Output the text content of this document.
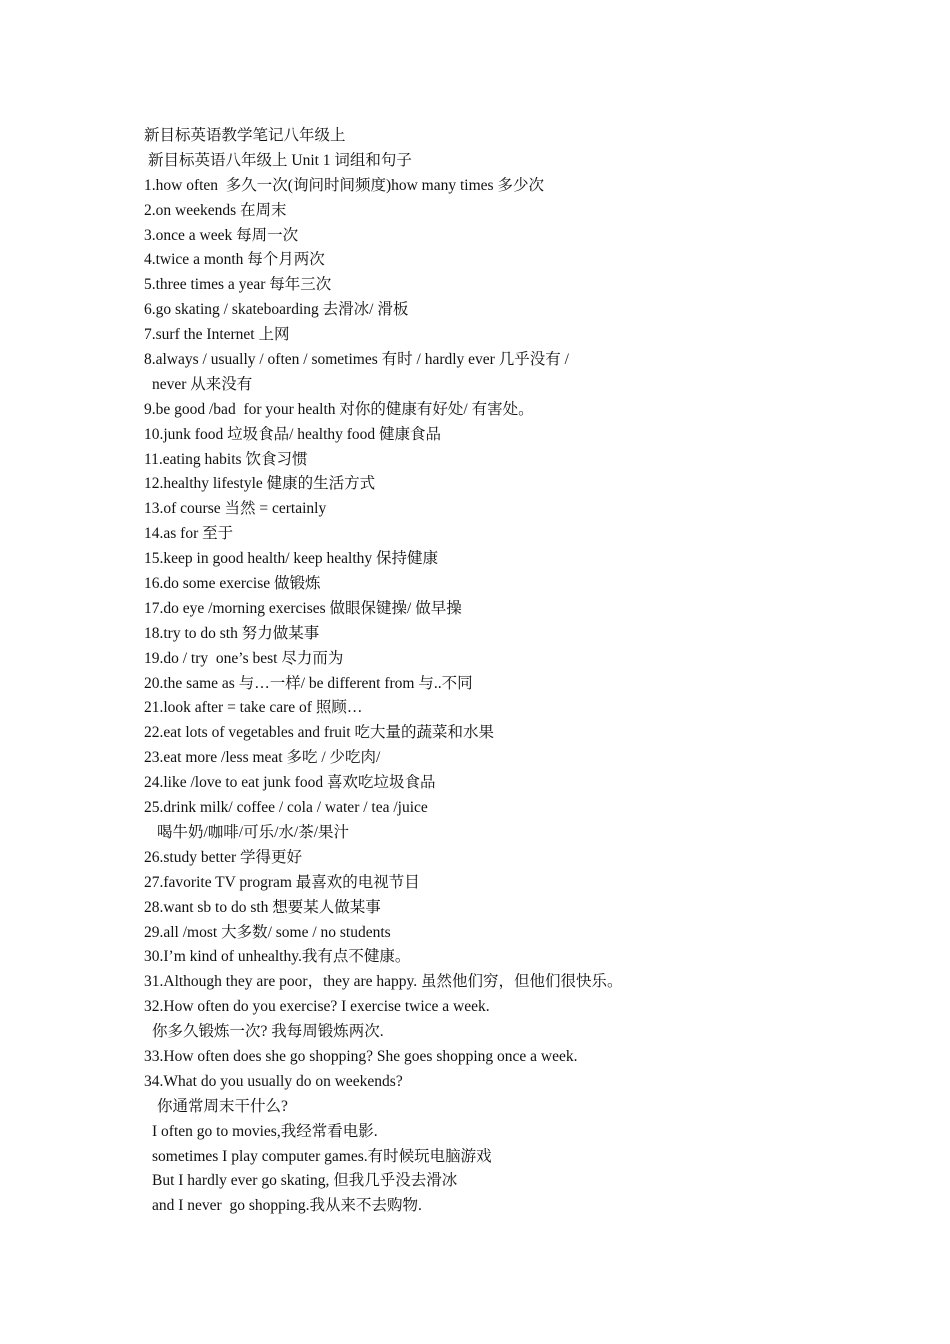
新目标英语教学笔记八年级上
新目标英语八年级上 Unit 1 词组和句子
1.how often  多久一次(询问时间频度)how many times 多少次
2.on weekends 在周末
3.once a week 每周一次
4.twice a month 每个月两次
5.three times a year 每年三次
6.go skating / skateboarding 去滑冰/ 滑板
7.surf the Internet 上网
8.always / usually / often / sometimes 有时 / hardly ever 几乎没有 /
never 从来没有
9.be good /bad  for your health 对你的健康有好处/ 有害处。
10.junk food 垃圾食品/ healthy food 健康食品
11.eating habits 饮食习惯
12.healthy lifestyle 健康的生活方式
13.of course 当然 = certainly
14.as for 至于
15.keep in good health/ keep healthy 保持健康
16.do some exercise 做锻炼
17.do eye /morning exercises 做眼保键操/ 做早操
18.try to do sth 努力做某事
19.do / try  one’s best 尽力而为
20.the same as 与…一样/ be different from 与..不同
21.look after = take care of 照顾…
22.eat lots of vegetables and fruit 吃大量的蔬菜和水果
23.eat more /less meat 多吃 / 少吃肉/
24.like /love to eat junk food 喜欢吃垃圾食品
25.drink milk/ coffee / cola / water / tea /juice
喝牛奶/咖啡/可乐/水/茶/果汁
26.study better 学得更好
27.favorite TV program 最喜欢的电视节目
28.want sb to do sth 想要某人做某事
29.all /most 大多数/ some / no students
30.I’m kind of unhealthy.我有点不健康。
31.Although they are poor，they are happy. 虽然他们穷，但他们很快乐。
32.How often do you exercise? I exercise twice a week.
你多久锻炼一次? 我每周锻炼两次.
33.How often does she go shopping? She goes shopping once a week.
34.What do you usually do on weekends?
你通常周末干什么?
I often go to movies,我经常看电影.
sometimes I play computer games.有时候玩电脑游戏
But I hardly ever go skating, 但我几乎没去滑冰
and I never  go shopping.我从来不去购物.
